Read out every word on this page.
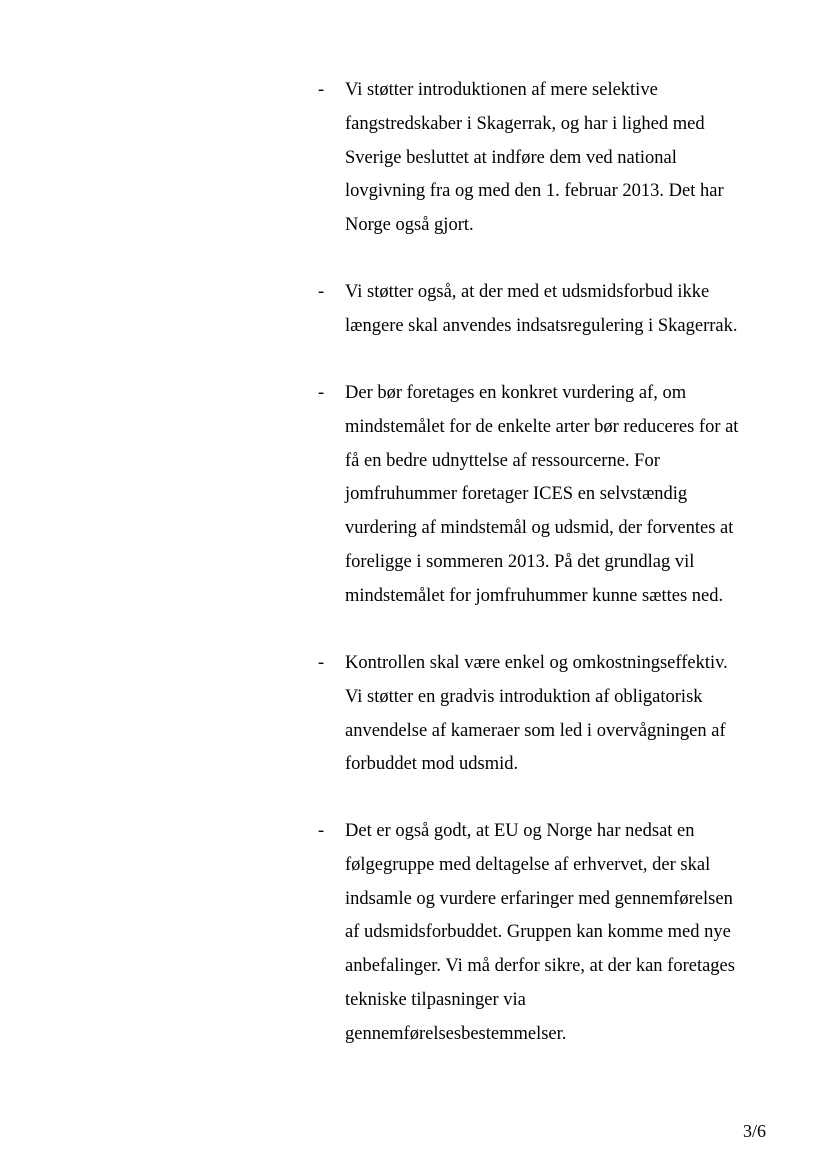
- Vi støtter introduktionen af mere selektive
fangstredskaber i Skagerrak, og har i lighed med
Sverige besluttet at indføre dem ved national
lovgivning fra og med den 1. februar 2013. Det har
Norge også gjort.
- Vi støtter også, at der med et udsmidsforbud ikke
længere skal anvendes indsatsregulering i Skagerrak.
- Der bør foretages en konkret vurdering af, om
mindstemålet for de enkelte arter bør reduceres for at
få en bedre udnyttelse af ressourcerne. For
jomfruhummer foretager ICES en selvstændig
vurdering af mindstemål og udsmid, der forventes at
foreligge i sommeren 2013. På det grundlag vil
mindstemålet for jomfruhummer kunne sættes ned.
- Kontrollen skal være enkel og omkostningseffektiv.
Vi støtter en gradvis introduktion af obligatorisk
anvendelse af kameraer som led i overvågningen af
forbuddet mod udsmid.
- Det er også godt, at EU og Norge har nedsat en
følgegruppe med deltagelse af erhvervet, der skal
indsamle og vurdere erfaringer med gennemførelsen
af udsmidsforbuddet. Gruppen kan komme med nye
anbefalinger. Vi må derfor sikre, at der kan foretages
tekniske tilpasninger via
gennemførelsesbestemmelser.
3/6
